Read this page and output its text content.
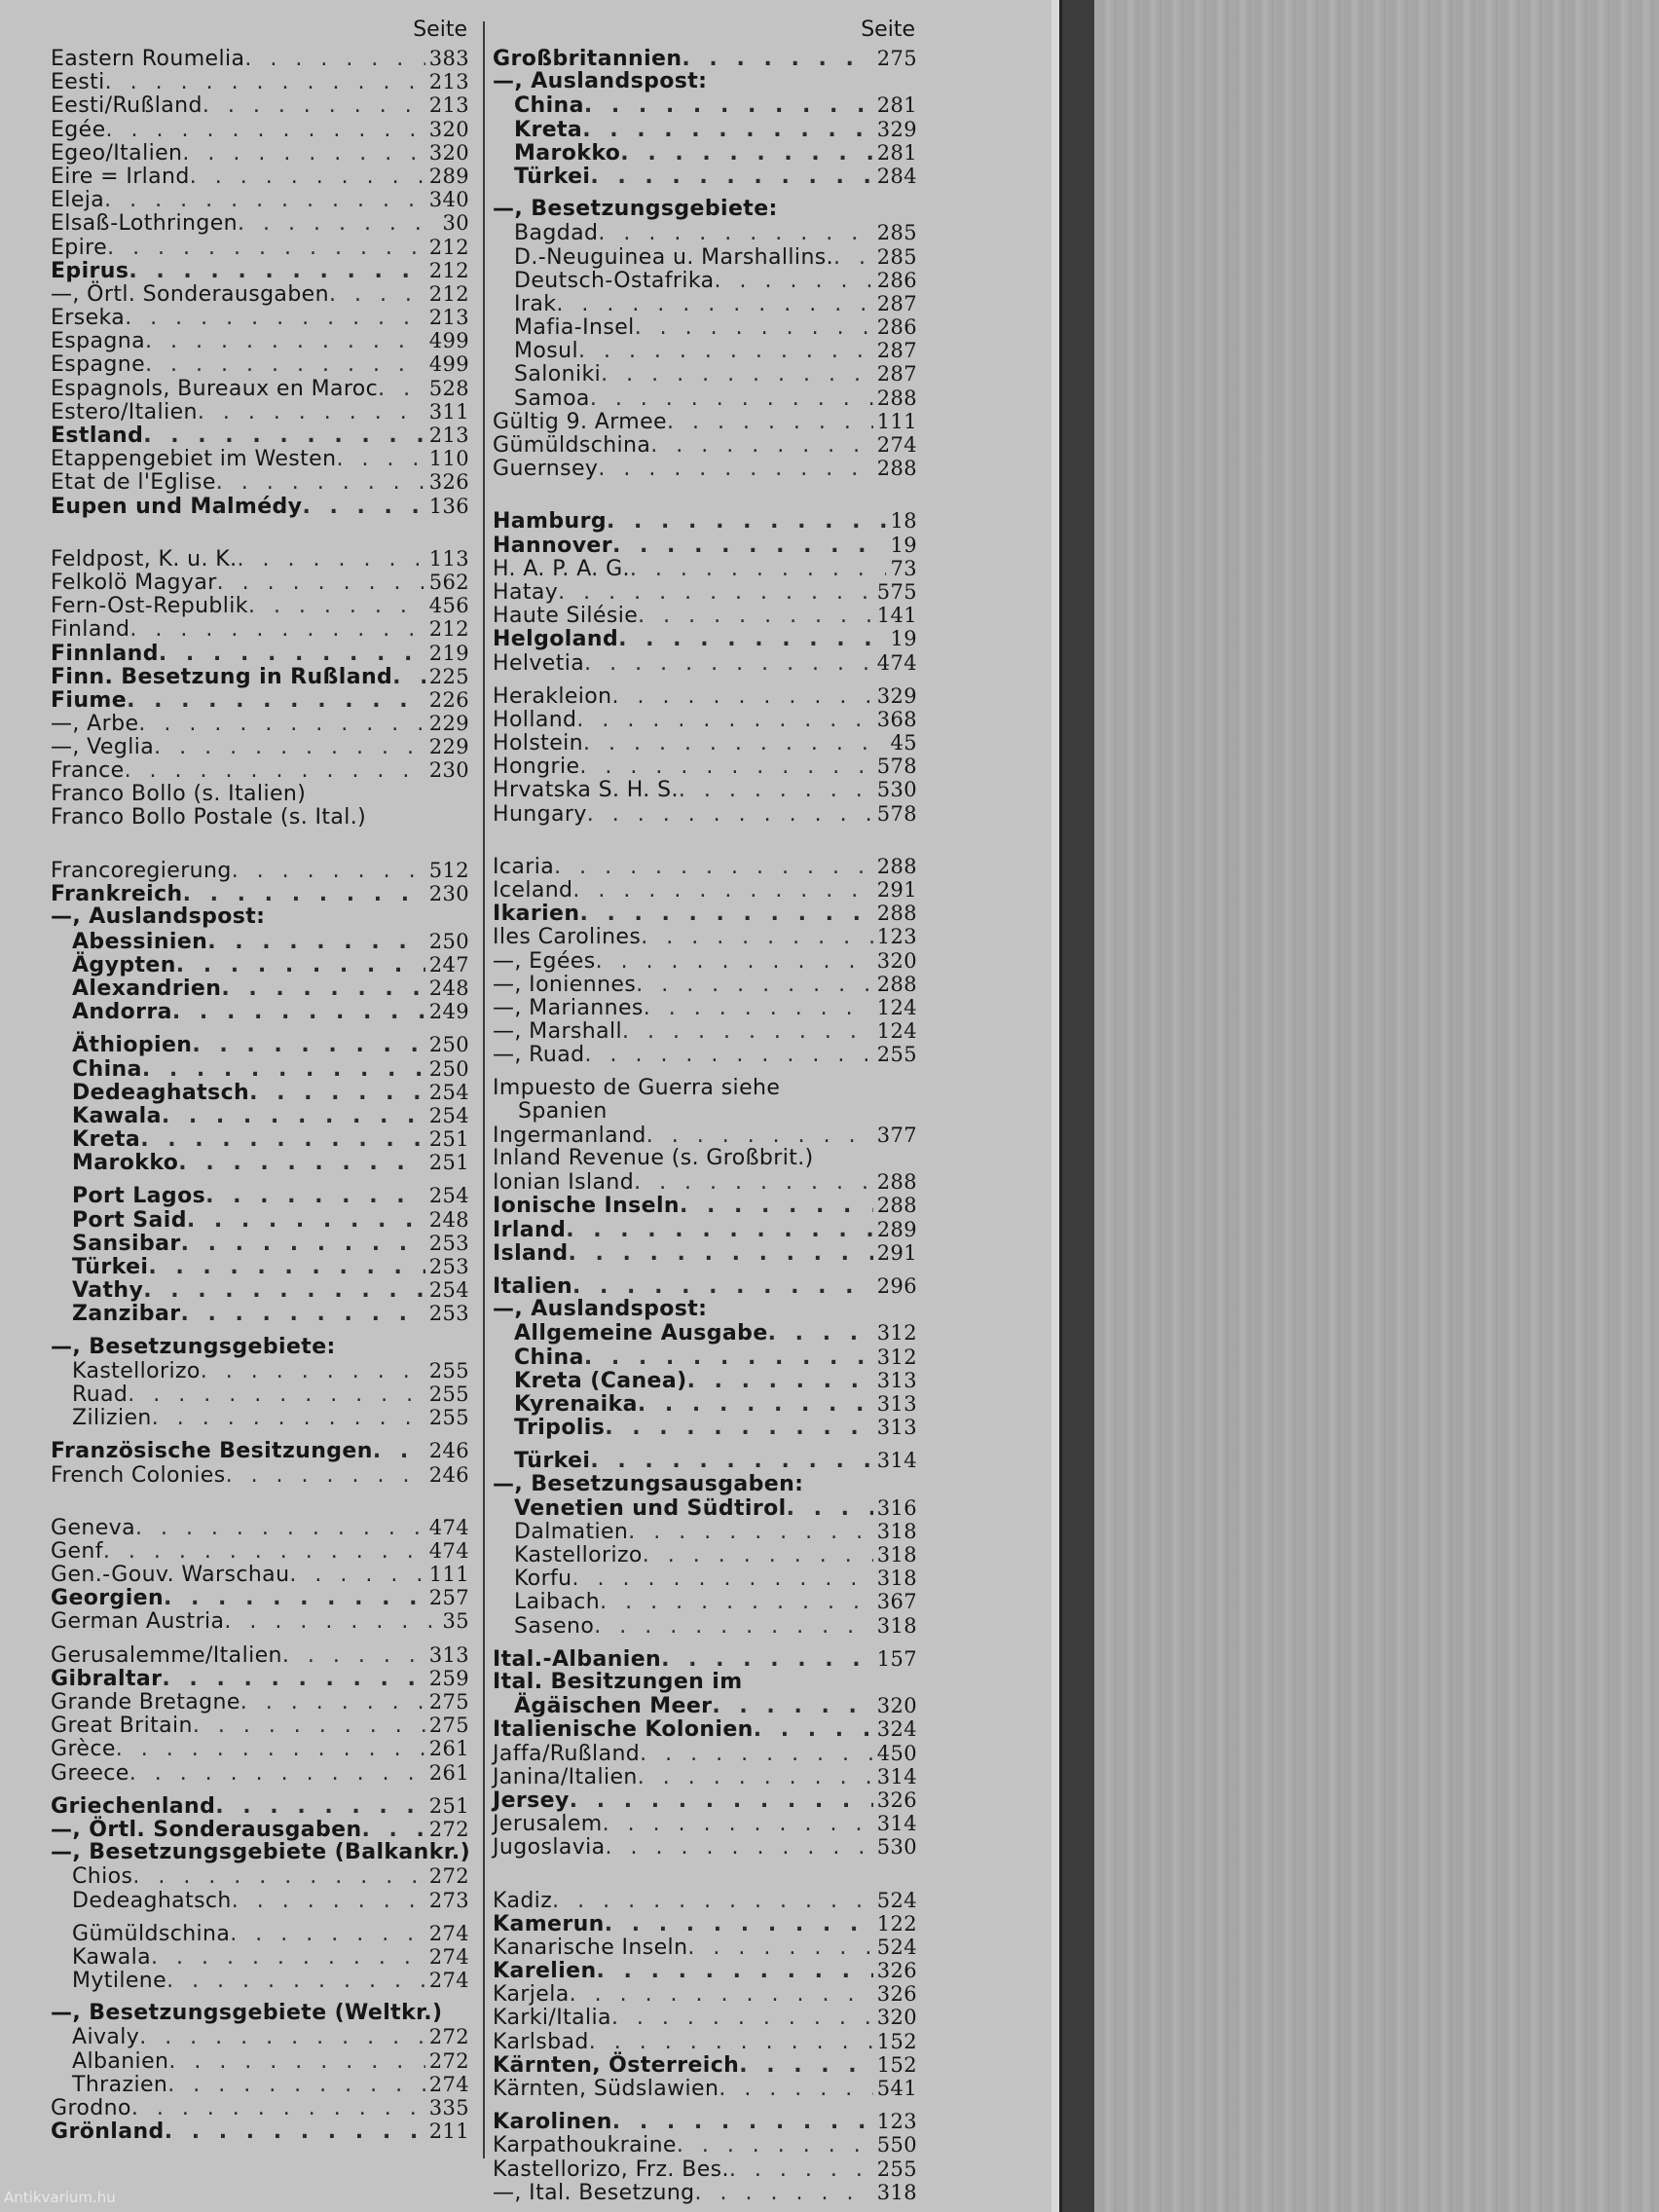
Seite
Eastern Roumelia . . .	383
Eesti . . .	213
Eesti/Rußland . . .	213
Egée . . .	320
Egeo/Italien . . .	320
Eire = Irland . . .	289
Eleja . . .	340
Elsaß-Lothringen . . .	30
Epire . . .	212
Epirus . . .	212
—, Örtl. Sonderausgaben . . .	212
Erseka . . .	213
Espagna . . .	499
Espagne . . .	499
Espagnols, Bureaux en Maroc . . .	528
Estero/Italien . . .	311
Estland . . .	213
Etappengebiet im Westen . . .	110
Etat de l'Eglise . . .	326
Eupen und Malmédy . . .	136
Feldpost, K. u. K. . . .	113
Felkolö Magyar . . .	562
Fern-Ost-Republik . . .	456
Finland . . .	212
Finnland . . .	219
Finn. Besetzung in Rußland . . . 225
Fiume . . .	226
—, Arbe . . .	229
—, Veglia . . .	229
France . . .	230
Franco Bollo (s. Italien)
Franco Bollo Postale (s. Ital.)
Francoregierung . . .	512
Frankreich . . .	230
—, Auslandspost:
Abessinien . . .	250
Ägypten . . .	247
Alexandrien . . .	248
Andorra . . .	249
Äthiopien . . .	250
China . . .	250
Dedeaghatsch . . .	254
Kawala . . .	254
Kreta . . .	251
Marokko . . .	251
Port Lagos . . .	254
Port Said . . .	248
Sansibar . . .	253
Türkei . . .	253
Vathy . . .	254
Zanzibar . . .	253
—, Besetzungsgebiete:
Kastellorizo . . .	255
Ruad . . .	255
Zilizien . . .	255
Französische Besitzungen . . .	246
French Colonies . . .	246
Geneva . . .	474
Genf . . .	474
Gen.-Gouv. Warschau . . .	111
Georgien . . .	257
German Austria . . .	35
Gerusalemme/Italien . . .	313
Gibraltar . . .	259
Grande Bretagne . . .	275
Great Britain . . .	275
Grèce . . .	261
Greece . . .	261
Griechenland . . .	251
—, Örtl. Sonderausgaben . . .	272
—, Besetzungsgebiete (Balkankr.)
Chios . . .	272
Dedeaghatsch . . .	273
Gümüldschina . . .	274
Kawala . . .	274
Mytilene . . .	274
—, Besetzungsgebiete (Weltkr.)
Aivaly . . .	272
Albanien . . .	272
Thrazien . . .	274
Grodno . . .	335
Grönland . . .	211
Seite
Großbritannien . . .	275
—, Auslandspost:
China . . .	281
Kreta . . .	329
Marokko . . .	281
Türkei . . .	284
—, Besetzungsgebiete:
Bagdad . . .	285
D.-Neuguinea u. Marshallins. . . . 285
Deutsch-Ostafrika . . .	286
Irak . . .	287
Mafia-Insel . . .	286
Mosul . . .	287
Saloniki . . .	287
Samoa . . .	288
Gültig 9. Armee . . .	111
Gümüldschina . . .	274
Guernsey . . .	288
Hamburg . . .	18
Hannover . . .	19
H. A. P. A. G. . . .	73
Hatay . . .	575
Haute Silésie . . .	141
Helgoland . . .	19
Helvetia . . .	474
Herakleion . . .	329
Holland . . .	368
Holstein . . .	45
Hongrie . . .	578
Hrvatska S. H. S. . . .	530
Hungary . . .	578
Icaria . . .	288
Iceland . . .	291
Ikarien . . .	288
Iles Carolines . . .	123
—, Egées . . .	320
—, Ioniennes . . .	288
—, Mariannes . . .	124
—, Marshall . . .	124
—, Ruad . . .	255
Impuesto de Guerra siehe
Spanien
Ingermanland . . .	377
Inland Revenue (s. Großbrit.)
Ionian Island . . .	288
Ionische Inseln . . .	288
Irland . . .	289
Island . . .	291
Italien . . .	296
—, Auslandspost:
Allgemeine Ausgabe . . .	312
China . . .	312
Kreta (Canea) . . .	313
Kyrenaika . . .	313
Tripolis . . .	313
Türkei . . .	314
—, Besetzungsausgaben:
Venetien und Südtirol . . .	316
Dalmatien . . .	318
Kastellorizo . . .	318
Korfu . . .	318
Laibach . . .	367
Saseno . . .	318
Ital.-Albanien . . .	157
Ital. Besitzungen im
Ägäischen Meer . . .	320
Italienische Kolonien . . .	324
Jaffa/Rußland . . .	450
Janina/Italien . . .	314
Jersey . . .	326
Jerusalem . . .	314
Jugoslavia . . .	530
Kadiz . . .	524
Kamerun . . .	122
Kanarische Inseln . . .	524
Karelien . . .	326
Karjela . . .	326
Karki/Italia . . .	320
Karlsbad . . .	152
Kärnten, Österreich . . .	152
Kärnten, Südslawien . . .	541
Karolinen . . .	123
Karpathoukraine . . .	550
Kastellorizo, Frz. Bes. . . .	255
—, Ital. Besetzung . . .	318
Antikvarium.hu
